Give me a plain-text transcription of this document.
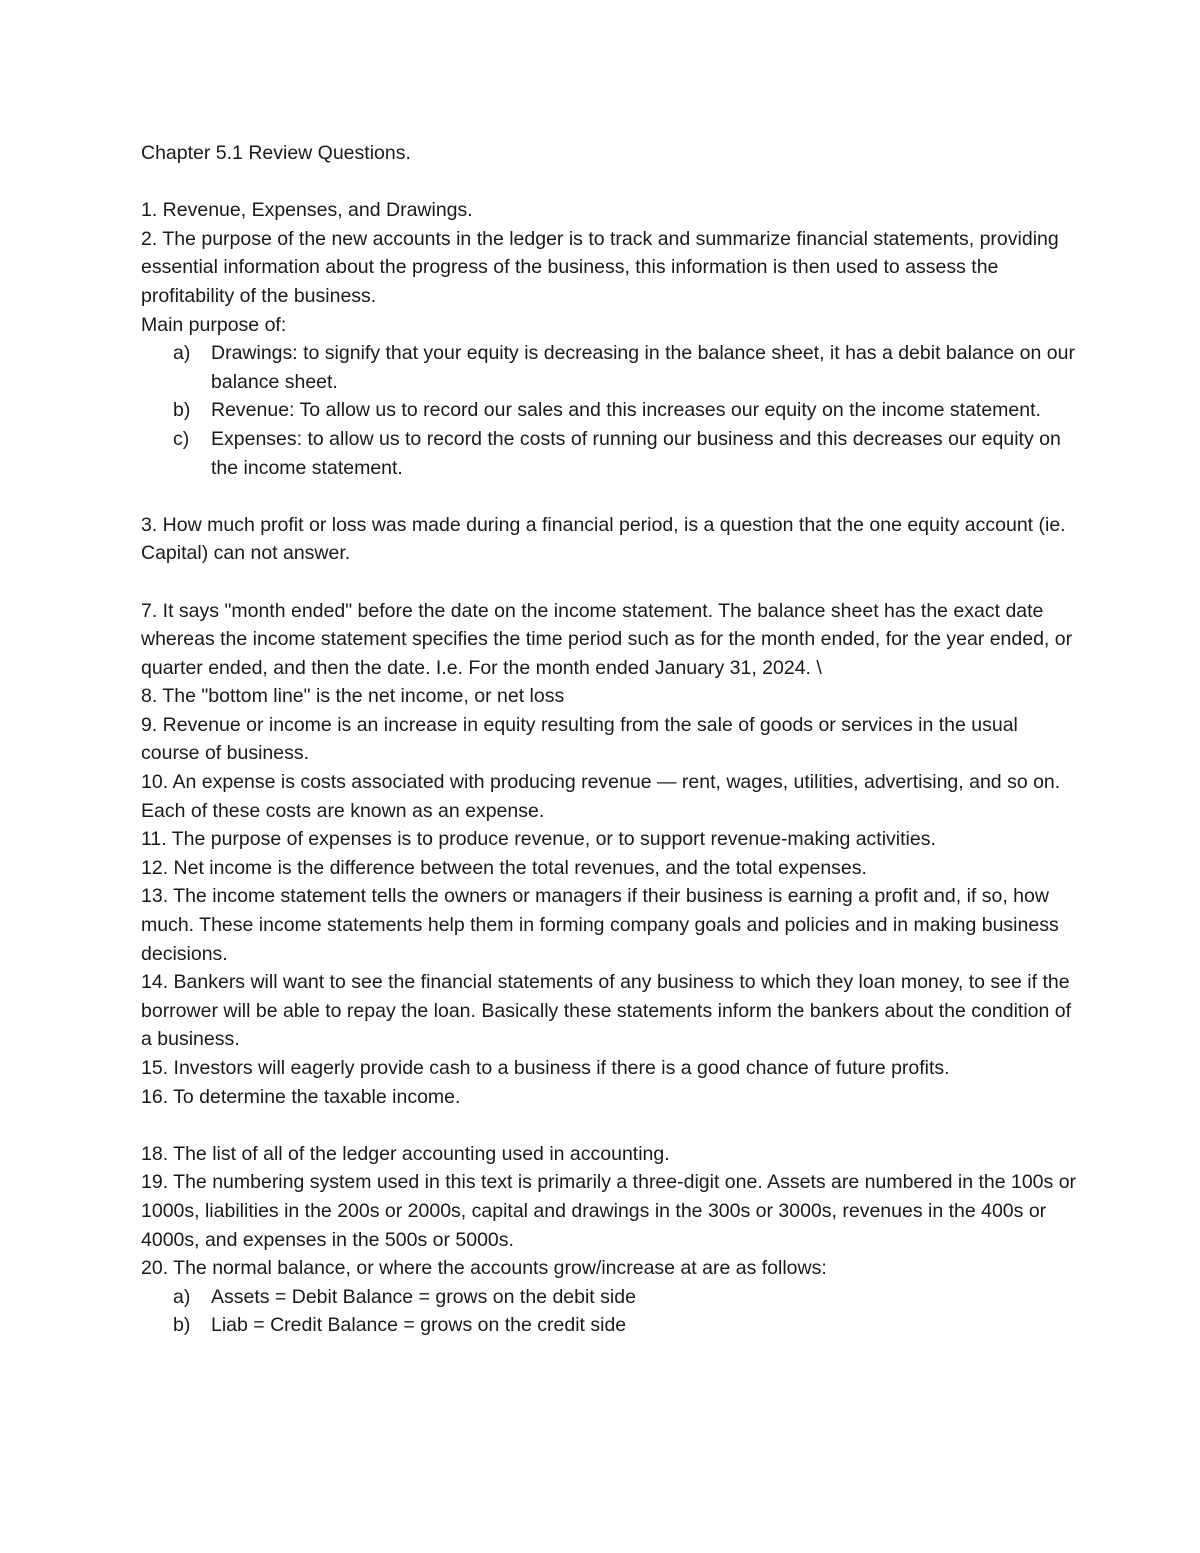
Chapter 5.1 Review Questions.

1. Revenue, Expenses, and Drawings.

2. The purpose of the new accounts in the ledger is to track and summarize financial statements, providing essential information about the progress of the business, this information is then used to assess the profitability of the business.

Main purpose of:

a) Drawings: to signify that your equity is decreasing in the balance sheet, it has a debit balance on our balance sheet.
b) Revenue: To allow us to record our sales and this increases our equity on the income statement.
c) Expenses: to allow us to record the costs of running our business and this decreases our equity on the income statement.

3. How much profit or loss was made during a financial period, is a question that the one equity account (ie. Capital) can not answer.

7. It says "month ended" before the date on the income statement. The balance sheet has the exact date whereas the income statement specifies the time period such as for the month ended, for the year ended, or quarter ended, and then the date. I.e. For the month ended January 31, 2024. \

8. The "bottom line" is the net income, or net loss

9. Revenue or income is an increase in equity resulting from the sale of goods or services in the usual course of business.

10. An expense is costs associated with producing revenue — rent, wages, utilities, advertising, and so on. Each of these costs are known as an expense.

11. The purpose of expenses is to produce revenue, or to support revenue-making activities.

12. Net income is the difference between the total revenues, and the total expenses.

13. The income statement tells the owners or managers if their business is earning a profit and, if so, how much. These income statements help them in forming company goals and policies and in making business decisions.

14. Bankers will want to see the financial statements of any business to which they loan money, to see if the borrower will be able to repay the loan. Basically these statements inform the bankers about the condition of a business.

15. Investors will eagerly provide cash to a business if there is a good chance of future profits.

16. To determine the taxable income.

18. The list of all of the ledger accounting used in accounting.

19. The numbering system used in this text is primarily a three-digit one. Assets are numbered in the 100s or 1000s, liabilities in the 200s or 2000s, capital and drawings in the 300s or 3000s, revenues in the 400s or 4000s, and expenses in the 500s or 5000s.

20. The normal balance, or where the accounts grow/increase at are as follows:

a) Assets = Debit Balance = grows on the debit side
b) Liab = Credit Balance = grows on the credit side
